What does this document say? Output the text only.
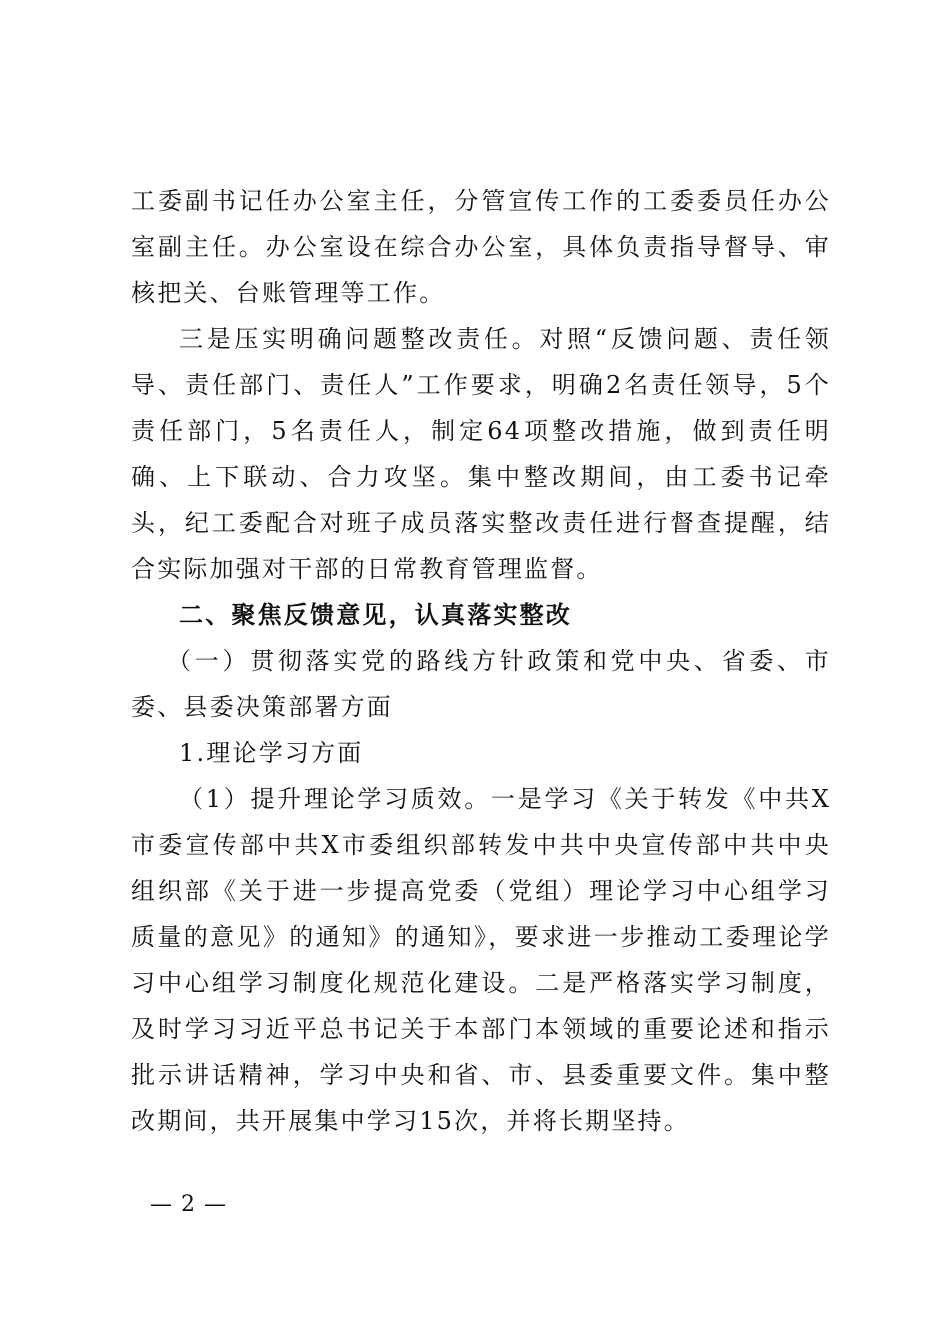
工委副书记任办公室主任，分管宣传工作的工委委员任办公室副主任。办公室设在综合办公室，具体负责指导督导、审核把关、台账管理等工作。

三是压实明确问题整改责任。对照“反馈问题、责任领导、责任部门、责任人”工作要求，明确2名责任领导，5个责任部门，5名责任人，制定64项整改措施，做到责任明确、上下联动、合力攻坚。集中整改期间，由工委书记牵头，纪工委配合对班子成员落实整改责任进行督查提醒，结合实际加强对干部的日常教育管理监督。

二、聚焦反馈意见，认真落实整改

（一）贯彻落实党的路线方针政策和党中央、省委、市委、县委决策部署方面

1.理论学习方面

（1）提升理论学习质效。一是学习《关于转发《中共X市委宣传部中共X市委组织部转发中共中央宣传部中共中央组织部《关于进一步提高党委（党组）理论学习中心组学习质量的意见》的通知》的通知》，要求进一步推动工委理论学习中心组学习制度化规范化建设。二是严格落实学习制度，及时学习习近平总书记关于本部门本领域的重要论述和指示批示讲话精神，学习中央和省、市、县委重要文件。集中整改期间，共开展集中学习15次，并将长期坚持。

— 2 —
